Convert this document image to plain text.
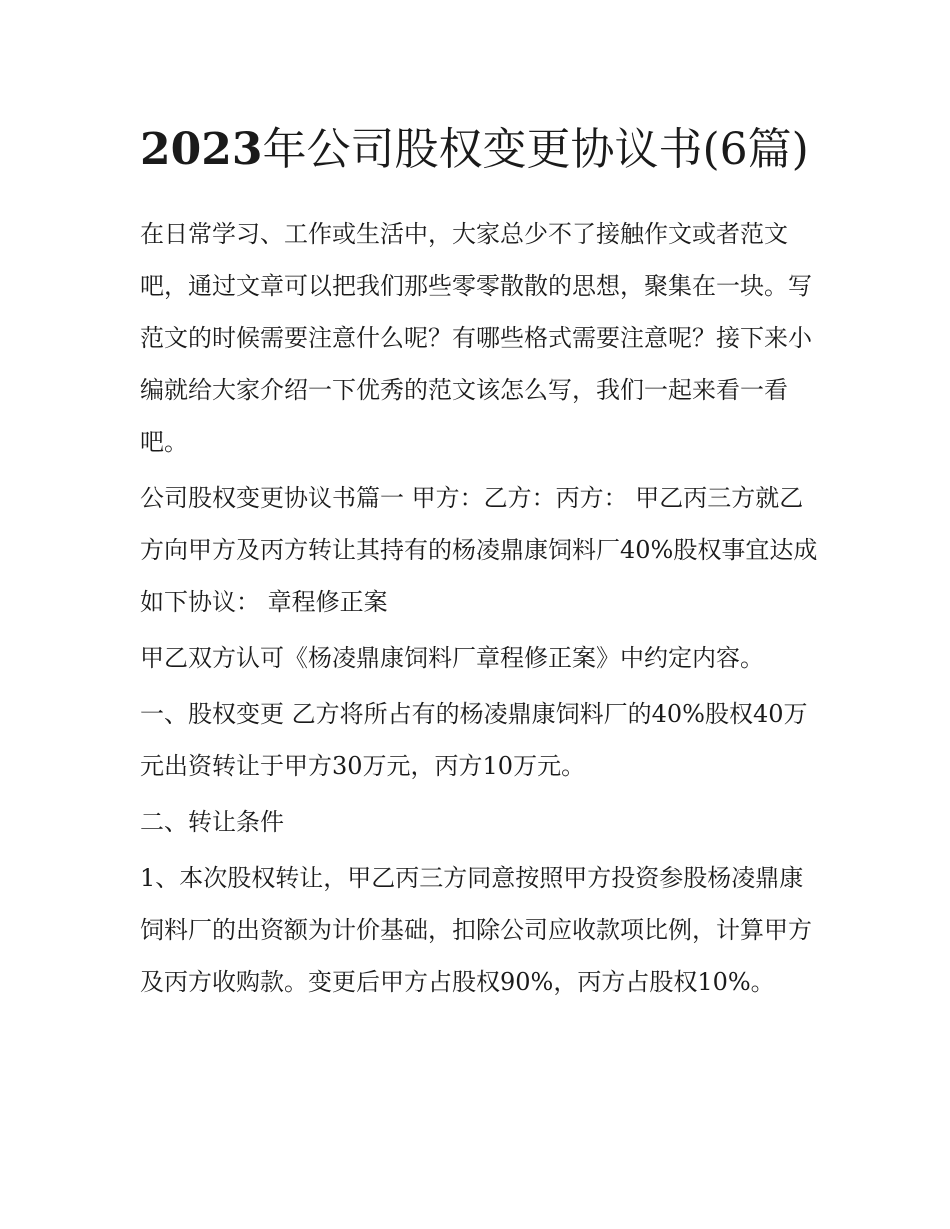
2023年公司股权变更协议书(6篇)

在日常学习、工作或生活中，大家总少不了接触作文或者范文吧，通过文章可以把我们那些零零散散的思想，聚集在一块。写范文的时候需要注意什么呢？有哪些格式需要注意呢？接下来小编就给大家介绍一下优秀的范文该怎么写，我们一起来看一看吧。

公司股权变更协议书篇一 甲方：乙方：丙方： 甲乙丙三方就乙方向甲方及丙方转让其持有的杨凌鼎康饲料厂40%股权事宜达成如下协议： 章程修正案

甲乙双方认可《杨凌鼎康饲料厂章程修正案》中约定内容。

一、股权变更 乙方将所占有的杨凌鼎康饲料厂的40%股权40万元出资转让于甲方30万元，丙方10万元。

二、转让条件

1、本次股权转让，甲乙丙三方同意按照甲方投资参股杨凌鼎康饲料厂的出资额为计价基础，扣除公司应收款项比例，计算甲方及丙方收购款。变更后甲方占股权90%，丙方占股权10%。
